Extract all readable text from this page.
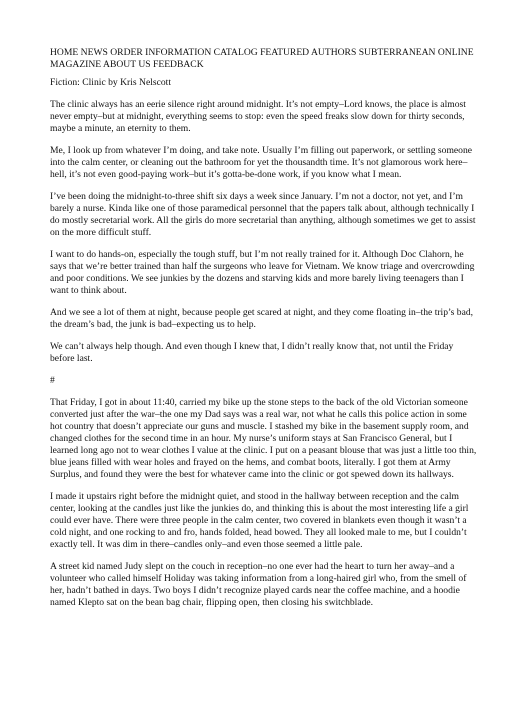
HOME NEWS ORDER INFORMATION CATALOG FEATURED AUTHORS SUBTERRANEAN ONLINE MAGAZINE ABOUT US FEEDBACK

Fiction: Clinic by Kris Nelscott

The clinic always has an eerie silence right around midnight. It’s not empty–Lord knows, the place is almost never empty–but at midnight, everything seems to stop: even the speed freaks slow down for thirty seconds, maybe a minute, an eternity to them.

Me, I look up from whatever I’m doing, and take note. Usually I’m filling out paperwork, or settling someone into the calm center, or cleaning out the bathroom for yet the thousandth time. It’s not glamorous work here–hell, it’s not even good-paying work–but it’s gotta-be-done work, if you know what I mean.

I’ve been doing the midnight-to-three shift six days a week since January. I’m not a doctor, not yet, and I’m barely a nurse. Kinda like one of those paramedical personnel that the papers talk about, although technically I do mostly secretarial work. All the girls do more secretarial than anything, although sometimes we get to assist on the more difficult stuff.

I want to do hands-on, especially the tough stuff, but I’m not really trained for it. Although Doc Clahorn, he says that we’re better trained than half the surgeons who leave for Vietnam. We know triage and overcrowding and poor conditions. We see junkies by the dozens and starving kids and more barely living teenagers than I want to think about.

And we see a lot of them at night, because people get scared at night, and they come floating in–the trip’s bad, the dream’s bad, the junk is bad–expecting us to help.

We can’t always help though. And even though I knew that, I didn’t really know that, not until the Friday before last.

#

That Friday, I got in about 11:40, carried my bike up the stone steps to the back of the old Victorian someone converted just after the war–the one my Dad says was a real war, not what he calls this police action in some hot country that doesn’t appreciate our guns and muscle. I stashed my bike in the basement supply room, and changed clothes for the second time in an hour. My nurse’s uniform stays at San Francisco General, but I learned long ago not to wear clothes I value at the clinic. I put on a peasant blouse that was just a little too thin, blue jeans filled with wear holes and frayed on the hems, and combat boots, literally. I got them at Army Surplus, and found they were the best for whatever came into the clinic or got spewed down its hallways.

I made it upstairs right before the midnight quiet, and stood in the hallway between reception and the calm center, looking at the candles just like the junkies do, and thinking this is about the most interesting life a girl could ever have. There were three people in the calm center, two covered in blankets even though it wasn’t a cold night, and one rocking to and fro, hands folded, head bowed. They all looked male to me, but I couldn’t exactly tell. It was dim in there–candles only–and even those seemed a little pale.

A street kid named Judy slept on the couch in reception–no one ever had the heart to turn her away–and a volunteer who called himself Holiday was taking information from a long-haired girl who, from the smell of her, hadn’t bathed in days. Two boys I didn’t recognize played cards near the coffee machine, and a hoodie named Klepto sat on the bean bag chair, flipping open, then closing his switchblade.
